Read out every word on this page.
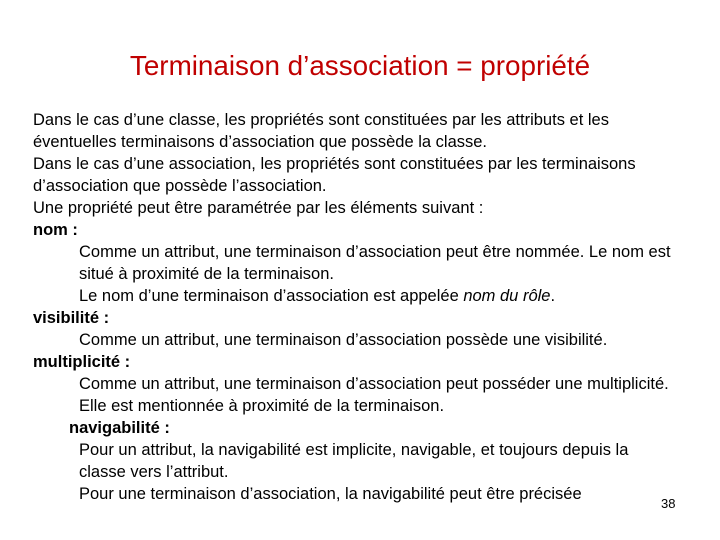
Terminaison d’association = propriété
Dans le cas d’une classe, les propriétés sont constituées par les attributs et les
éventuelles terminaisons d’association que possède la classe.
Dans le cas d’une association, les propriétés sont constituées par les terminaisons
d’association que possède l’association.
Une propriété peut être paramétrée par les éléments suivant :
nom :
Comme un attribut, une terminaison d’association peut être nommée. Le nom est
situé à proximité de la terminaison.
Le nom d’une terminaison d’association est appelée nom du rôle.
visibilité :
Comme un attribut, une terminaison d’association possède une visibilité.
multiplicité :
Comme un attribut, une terminaison d’association peut posséder une multiplicité.
Elle est mentionnée à proximité de la terminaison.
navigabilité :
Pour un attribut, la navigabilité est implicite, navigable, et toujours depuis la
classe vers l’attribut.
Pour une terminaison d’association, la navigabilité peut être précisée
38
